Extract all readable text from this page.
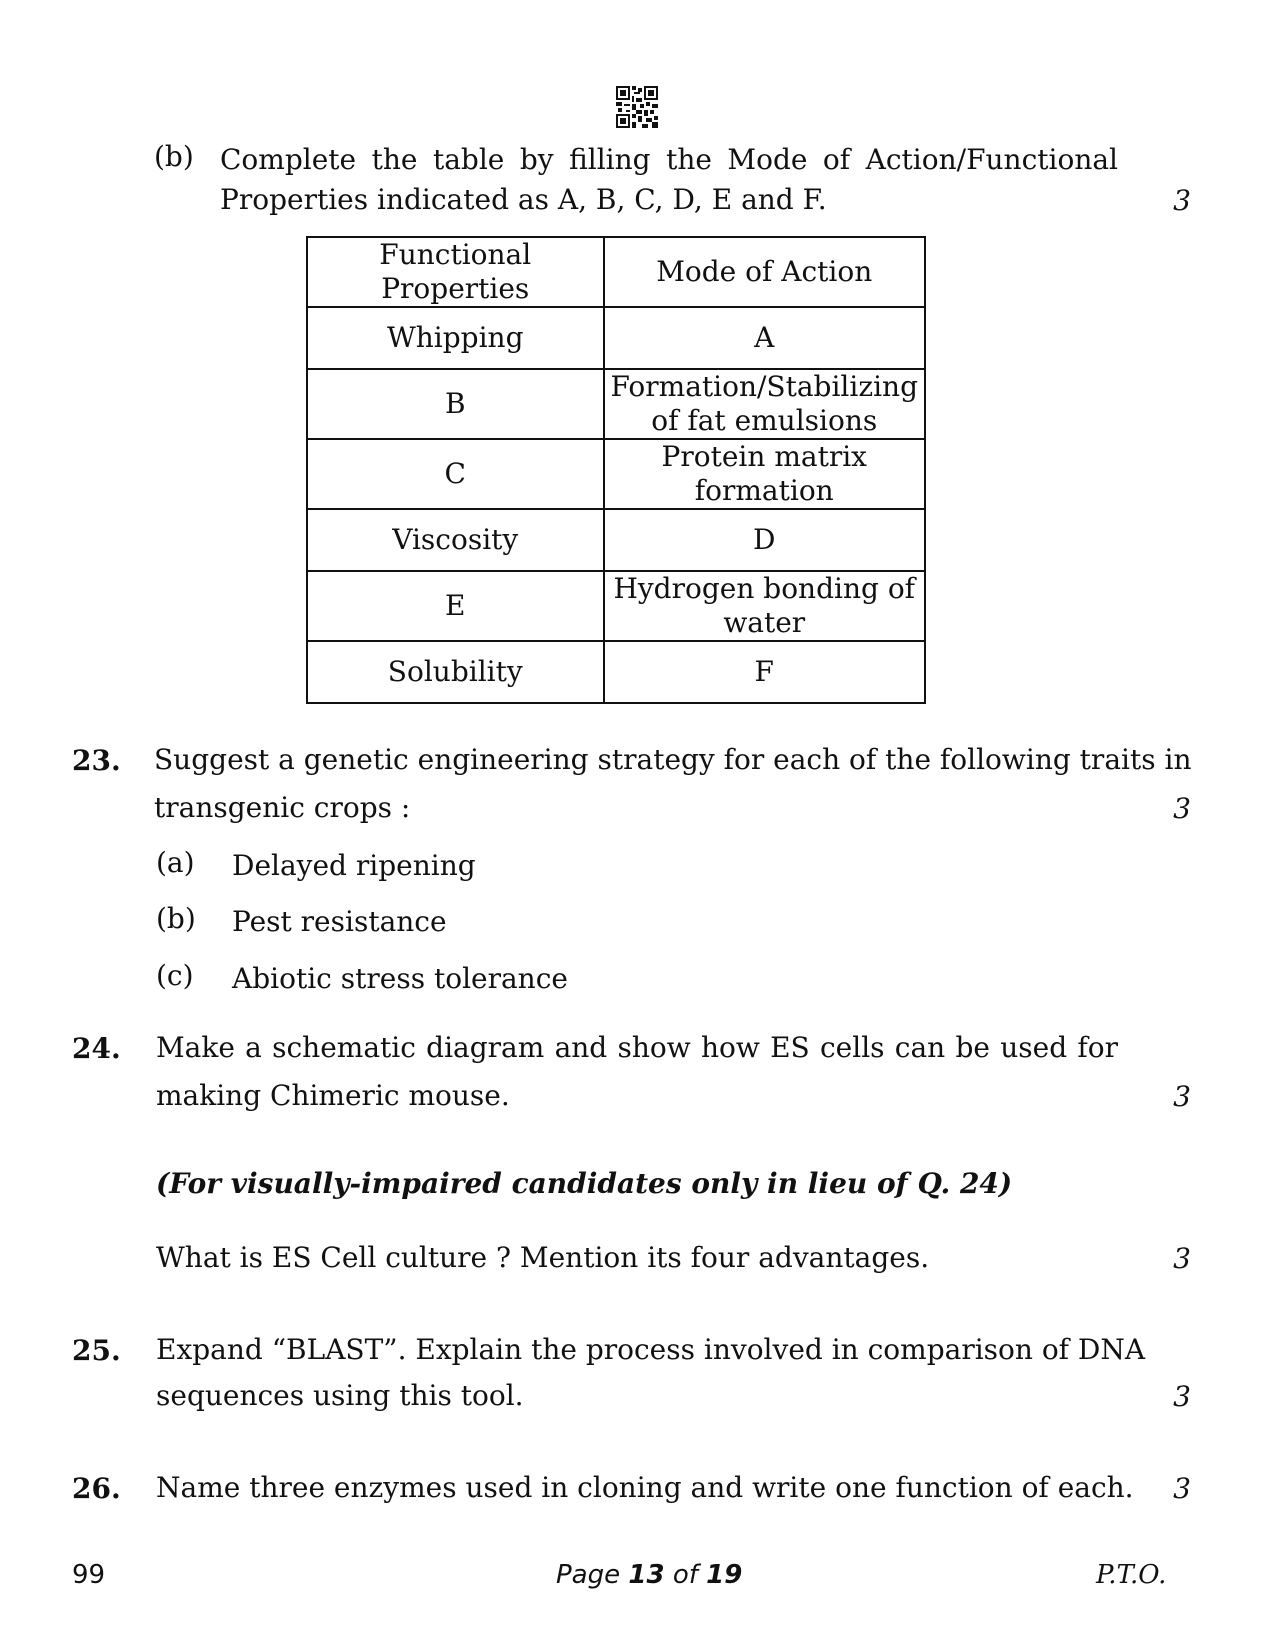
(b) Complete the table by filling the Mode of Action/Functional
Properties indicated as A, B, C, D, E and F.	3
Functional Properties	Mode of Action
Whipping	A
B	Formation/Stabilizing
of fat emulsions
C	Protein matrix
formation
Viscosity	D
E	Hydrogen bonding of
water
Solubility	F
23. Suggest a genetic engineering strategy for each of the following traits in
transgenic crops :	3
(a) Delayed ripening
(b) Pest resistance
(c) Abiotic stress tolerance
24. Make a schematic diagram and show how ES cells can be used for
making Chimeric mouse.	3
(For visually-impaired candidates only in lieu of Q. 24)
What is ES Cell culture ? Mention its four advantages.	3
25. Expand “BLAST”. Explain the process involved in comparison of DNA
sequences using this tool.	3
26. Name three enzymes used in cloning and write one function of each. 3
99	Page 13 of 19	P.T.O.
